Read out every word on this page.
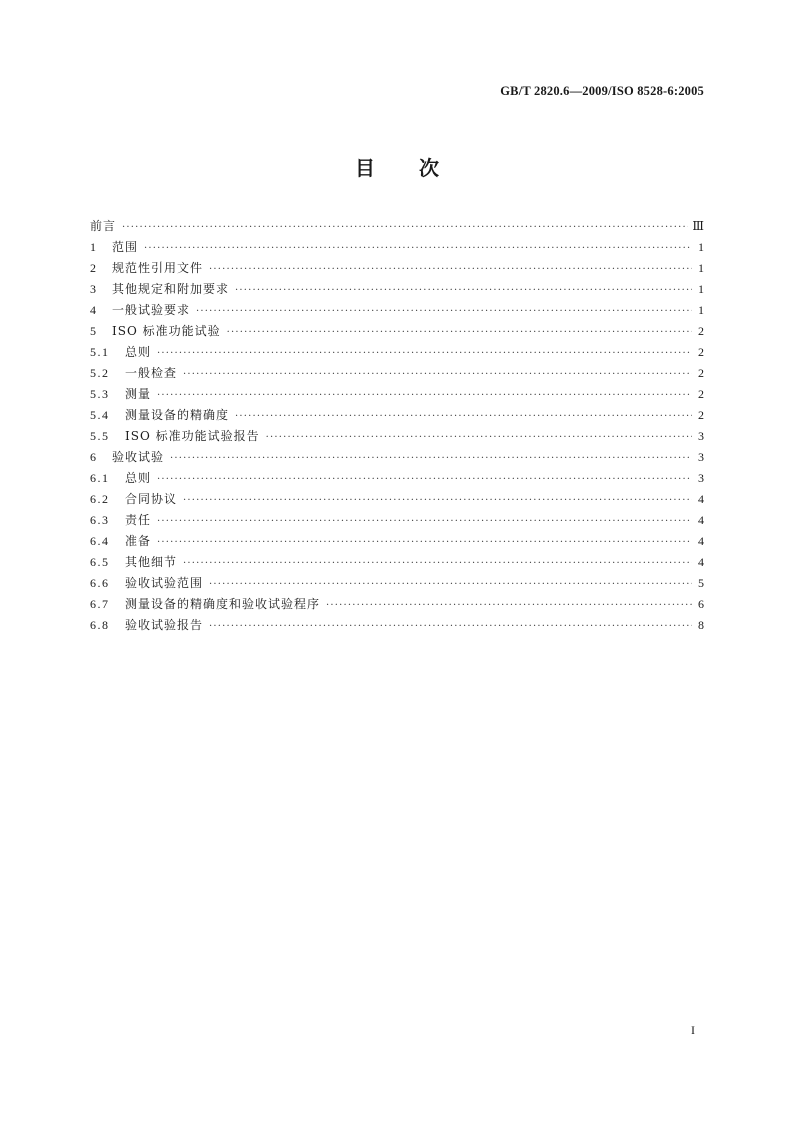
GB/T 2820.6—2009/ISO 8528-6:2005
目 次
前言 ·····	Ⅲ
1	范围 ·····	1
2	规范性引用文件 ·····	1
3	其他规定和附加要求 ·····	1
4	一般试验要求 ·····	1
5	ISO 标准功能试验 ·····	2
5.1	总则 ·····	2
5.2	一般检查 ·····	2
5.3	测量 ·····	2
5.4	测量设备的精确度 ·····	2
5.5	ISO 标准功能试验报告 ·····	3
6	验收试验 ·····	3
6.1	总则 ·····	3
6.2	合同协议 ·····	4
6.3	责任 ·····	4
6.4	准备 ·····	4
6.5	其他细节 ·····	4
6.6	验收试验范围 ·····	5
6.7	测量设备的精确度和验收试验程序 ·····	6
6.8	验收试验报告 ·····	8
I
